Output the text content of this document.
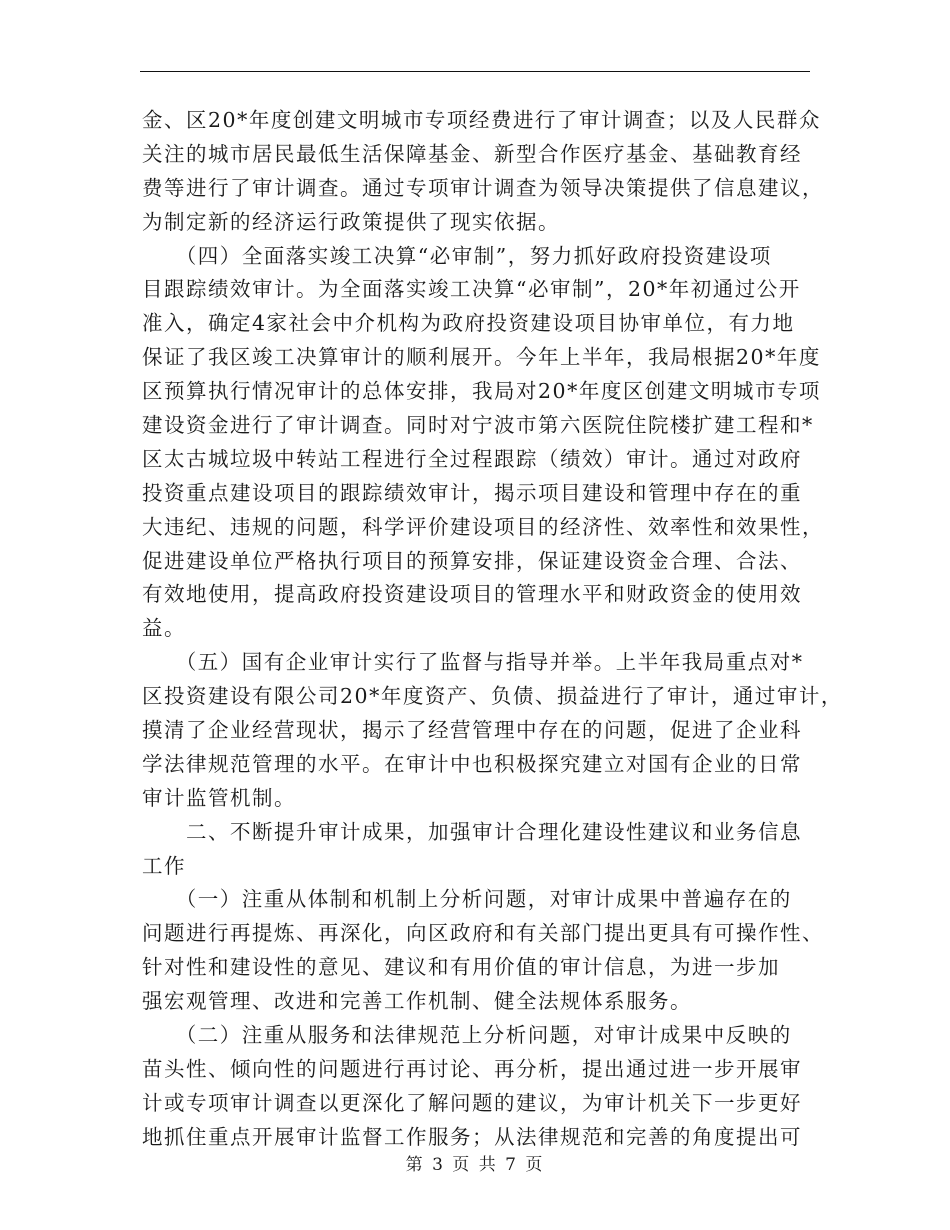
金、区20*年度创建文明城市专项经费进行了审计调查；以及人民群众
关注的城市居民最低生活保障基金、新型合作医疗基金、基础教育经
费等进行了审计调查。通过专项审计调查为领导决策提供了信息建议，
为制定新的经济运行政策提供了现实依据。
　　（四）全面落实竣工决算“必审制”，努力抓好政府投资建设项
目跟踪绩效审计。为全面落实竣工决算“必审制”，20*年初通过公开
准入，确定4家社会中介机构为政府投资建设项目协审单位，有力地
保证了我区竣工决算审计的顺利展开。今年上半年，我局根据20*年度
区预算执行情况审计的总体安排，我局对20*年度区创建文明城市专项
建设资金进行了审计调查。同时对宁波市第六医院住院楼扩建工程和*
区太古城垃圾中转站工程进行全过程跟踪（绩效）审计。通过对政府
投资重点建设项目的跟踪绩效审计，揭示项目建设和管理中存在的重
大违纪、违规的问题，科学评价建设项目的经济性、效率性和效果性，
促进建设单位严格执行项目的预算安排，保证建设资金合理、合法、
有效地使用，提高政府投资建设项目的管理水平和财政资金的使用效
益。
　　（五）国有企业审计实行了监督与指导并举。上半年我局重点对*
区投资建设有限公司20*年度资产、负债、损益进行了审计，通过审计，
摸清了企业经营现状，揭示了经营管理中存在的问题，促进了企业科
学法律规范管理的水平。在审计中也积极探究建立对国有企业的日常
审计监管机制。
　　二、不断提升审计成果，加强审计合理化建设性建议和业务信息
工作
　　（一）注重从体制和机制上分析问题，对审计成果中普遍存在的
问题进行再提炼、再深化，向区政府和有关部门提出更具有可操作性、
针对性和建设性的意见、建议和有用价值的审计信息，为进一步加
强宏观管理、改进和完善工作机制、健全法规体系服务。
　　（二）注重从服务和法律规范上分析问题，对审计成果中反映的
苗头性、倾向性的问题进行再讨论、再分析，提出通过进一步开展审
计或专项审计调查以更深化了解问题的建议，为审计机关下一步更好
地抓住重点开展审计监督工作服务；从法律规范和完善的角度提出可
第 3 页 共 7 页
